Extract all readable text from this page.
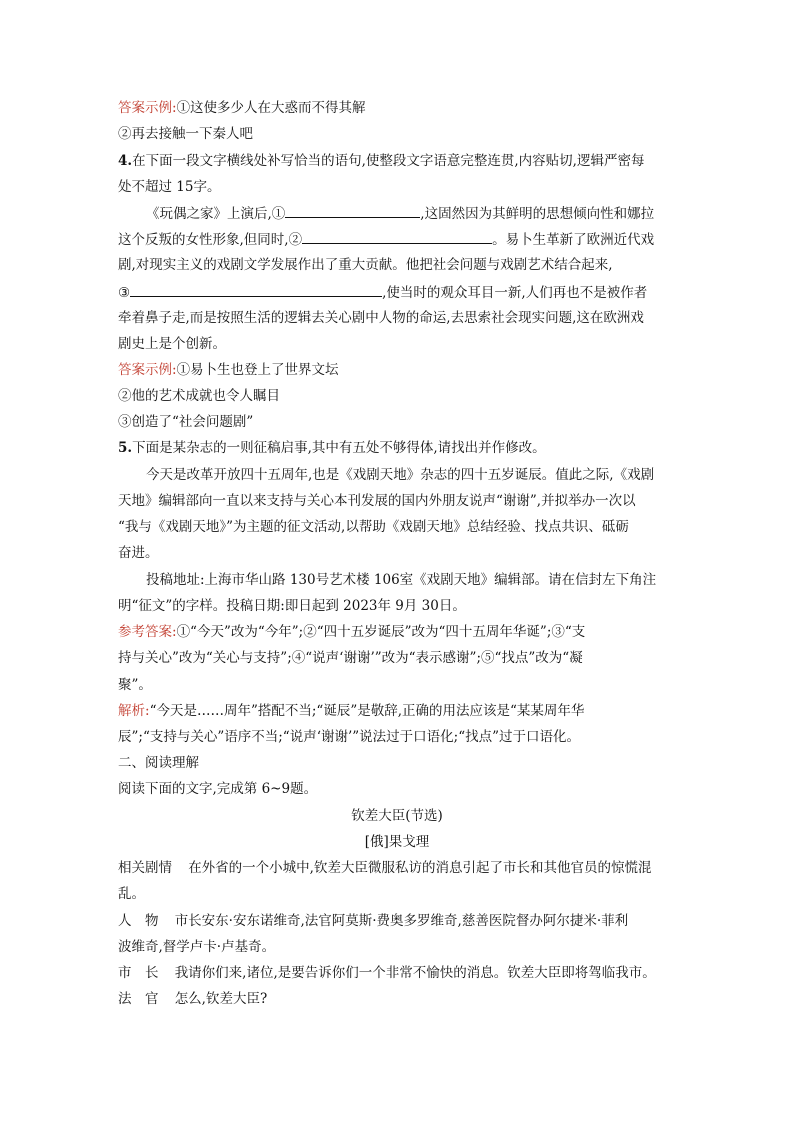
答案示例:①这使多少人在大惑而不得其解
②再去接触一下秦人吧
4.在下面一段文字横线处补写恰当的语句,使整段文字语意完整连贯,内容贴切,逻辑严密每
处不超过 15字。
《玩偶之家》上演后,①	,这固然因为其鲜明的思想倾向性和娜拉
这个反叛的女性形象,但同时,②	。易卜生革新了欧洲近代戏
剧,对现实主义的戏剧文学发展作出了重大贡献。他把社会问题与戏剧艺术结合起来,
③	,使当时的观众耳目一新,人们再也不是被作者
牵着鼻子走,而是按照生活的逻辑去关心剧中人物的命运,去思索社会现实问题,这在欧洲戏
剧史上是个创新。
答案示例:①易卜生也登上了世界文坛
②他的艺术成就也令人瞩目
③创造了“社会问题剧”
5.下面是某杂志的一则征稿启事,其中有五处不够得体,请找出并作修改。
今天是改革开放四十五周年,也是《戏剧天地》杂志的四十五岁诞辰。值此之际,《戏剧
天地》编辑部向一直以来支持与关心本刊发展的国内外朋友说声“谢谢”,并拟举办一次以
“我与《戏剧天地》”为主题的征文活动,以帮助《戏剧天地》总结经验、找点共识、砥砺
奋进。
投稿地址:上海市华山路 130号艺术楼 106室《戏剧天地》编辑部。请在信封左下角注
明“征文”的字样。投稿日期:即日起到 2023年 9月 30日。
参考答案:①“今天”改为“今年”;②“四十五岁诞辰”改为“四十五周年华诞”;③“支
持与关心”改为“关心与支持”;④“说声‘谢谢’”改为“表示感谢”;⑤“找点”改为“凝
聚”。
解析:“今天是……周年”搭配不当;“诞辰”是敬辞,正确的用法应该是“某某周年华
辰”;“支持与关心”语序不当;“说声‘谢谢’”说法过于口语化;“找点”过于口语化。
二、阅读理解
阅读下面的文字,完成第 6~9题。
钦差大臣(节选)
[俄]果戈理
相关剧情 在外省的一个小城中,钦差大臣微服私访的消息引起了市长和其他官员的惊慌混
乱。
人　物 市长安东·安东诺维奇,法官阿莫斯·费奥多罗维奇,慈善医院督办阿尔捷米·菲利
波维奇,督学卢卡·卢基奇。
市　长 我请你们来,诸位,是要告诉你们一个非常不愉快的消息。钦差大臣即将驾临我市。
法　官 怎么,钦差大臣?
